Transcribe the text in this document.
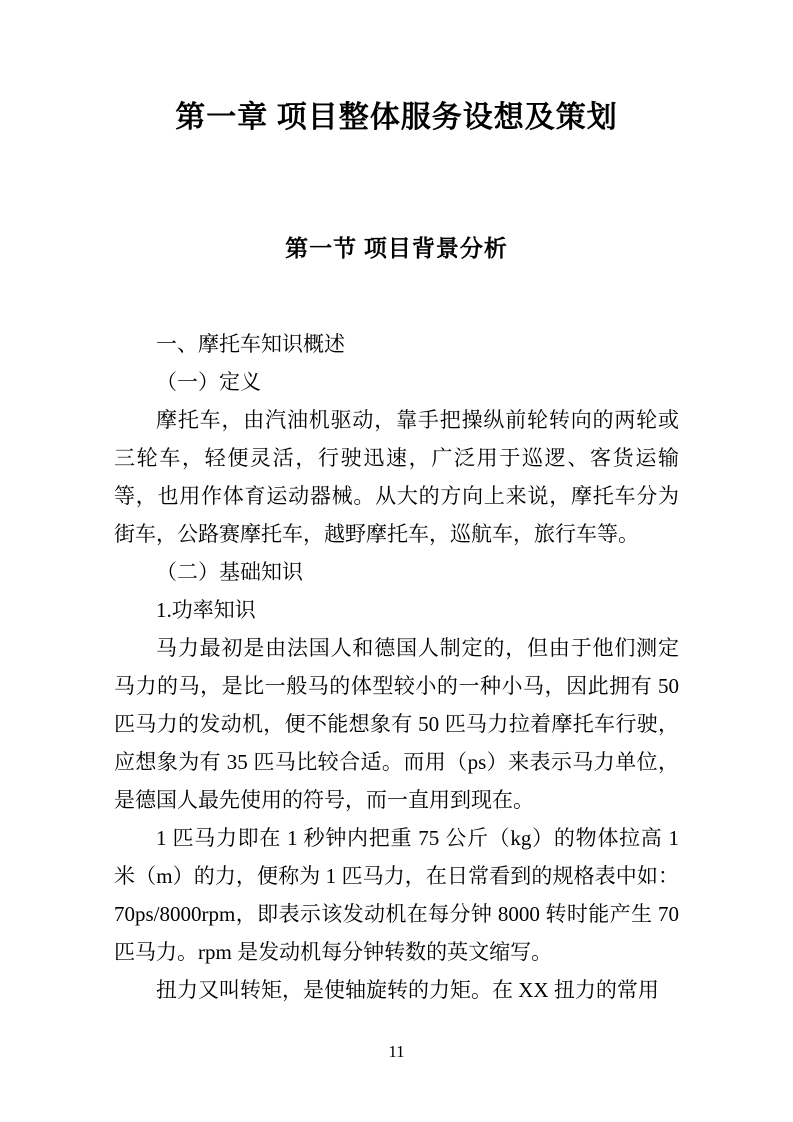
第一章 项目整体服务设想及策划
第一节 项目背景分析

一、摩托车知识概述

（一）定义

摩托车，由汽油机驱动，靠手把操纵前轮转向的两轮或三轮车，轻便灵活，行驶迅速，广泛用于巡逻、客货运输等，也用作体育运动器械。从大的方向上来说，摩托车分为街车，公路赛摩托车，越野摩托车，巡航车，旅行车等。

（二）基础知识

1.功率知识

马力最初是由法国人和德国人制定的，但由于他们测定马力的马，是比一般马的体型较小的一种小马，因此拥有 50 匹马力的发动机，便不能想象有 50 匹马力拉着摩托车行驶，应想象为有 35 匹马比较合适。而用（ps）来表示马力单位，是德国人最先使用的符号，而一直用到现在。

1 匹马力即在 1 秒钟内把重 75 公斤（kg）的物体拉高 1 米（m）的力，便称为 1 匹马力，在日常看到的规格表中如：70ps/8000rpm，即表示该发动机在每分钟 8000 转时能产生 70 匹马力。rpm 是发动机每分钟转数的英文缩写。

扭力又叫转矩，是使轴旋转的力矩。在 XX 扭力的常用

11
